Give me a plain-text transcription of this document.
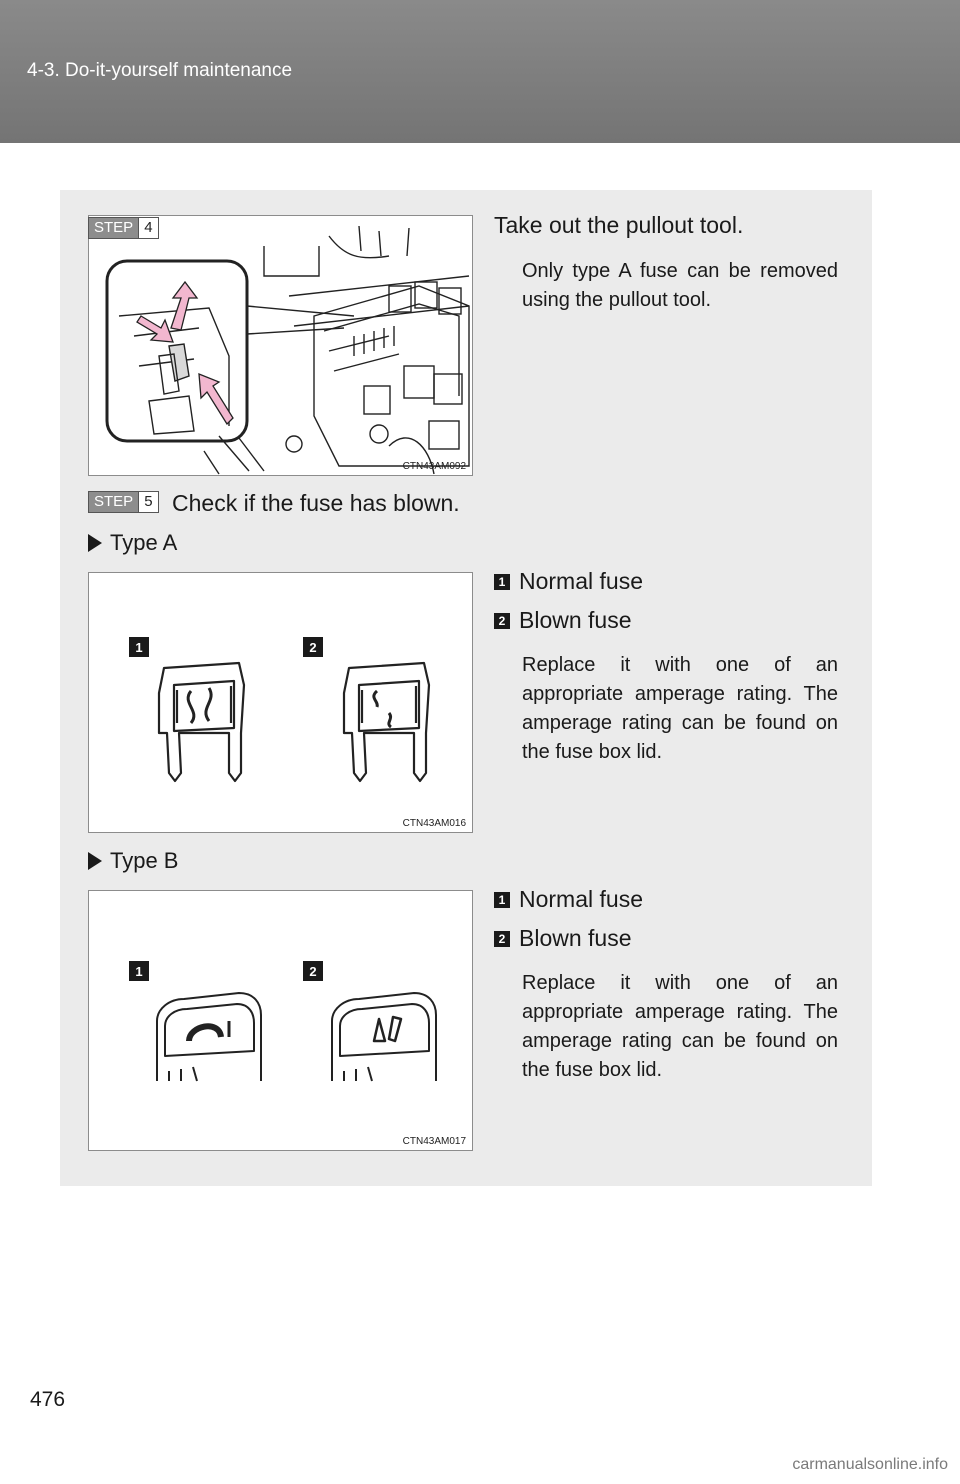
4-3. Do-it-yourself maintenance
CTN43AM092
STEP 4	Take out the pullout tool.
Only type A fuse can be removed using the pullout tool.
STEP 5 Check if the fuse has blown.
Type A
1	2
CTN43AM016
1 Normal fuse
2 Blown fuse
Replace it with one of an appropriate amperage rating. The amperage rating can be found on the fuse box lid.
Type B
1	2
CTN43AM017
1 Normal fuse
2 Blown fuse
Replace it with one of an appropriate amperage rating. The amperage rating can be found on the fuse box lid.
476
carmanualsonline.info
